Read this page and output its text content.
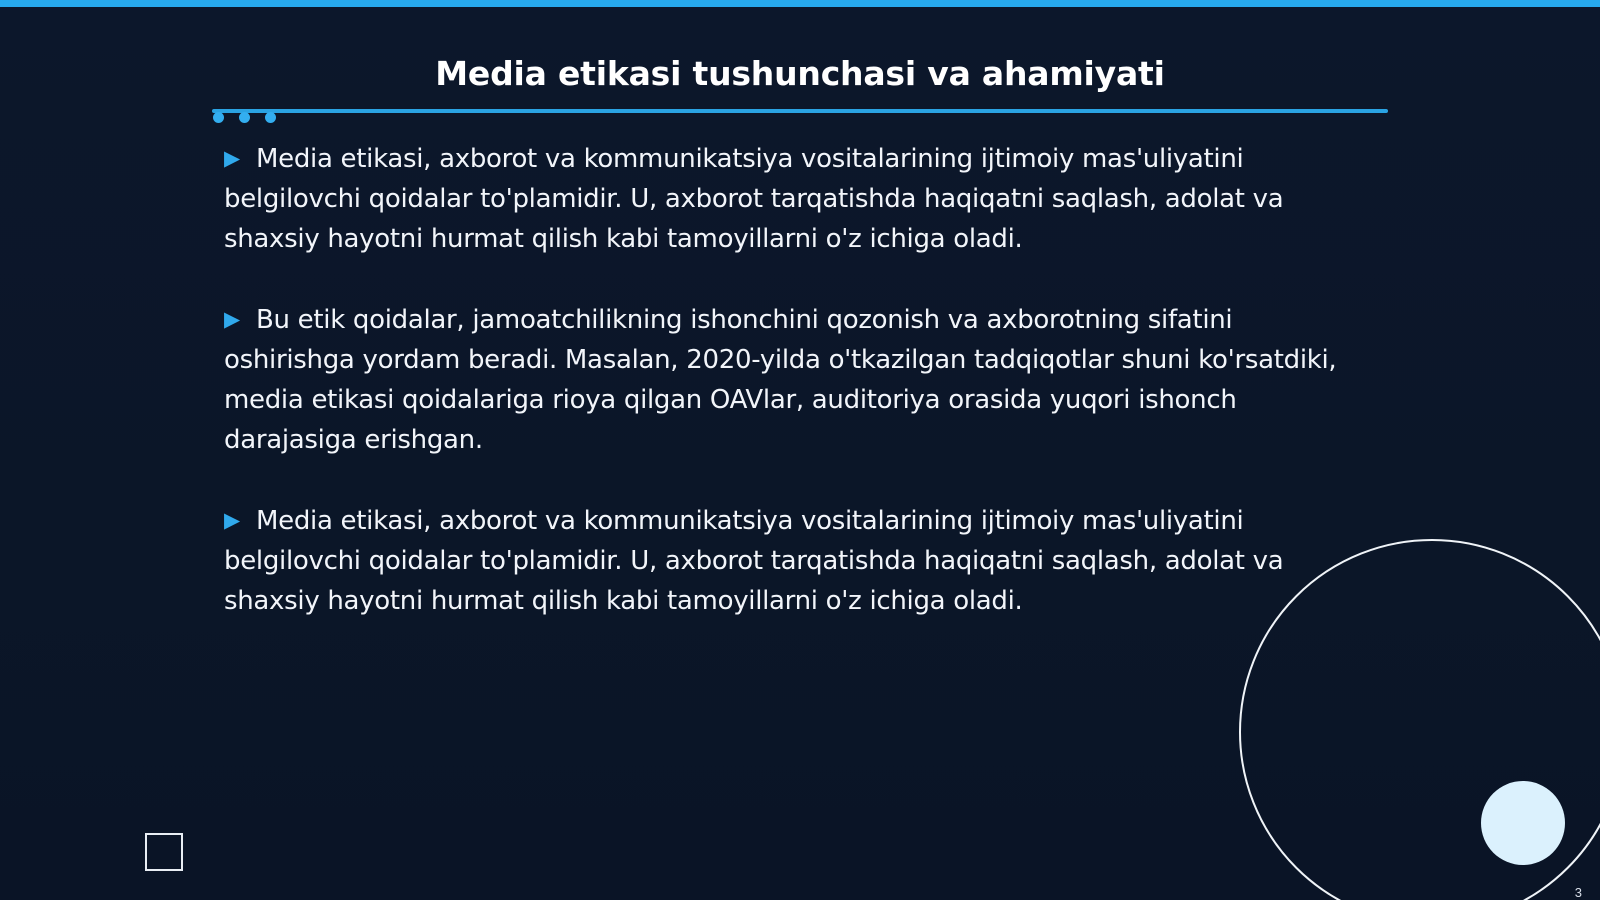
Media etikasi tushunchasi va ahamiyati

▶ Media etikasi, axborot va kommunikatsiya vositalarining ijtimoiy mas'uliyatini belgilovchi qoidalar to'plamidir. U, axborot tarqatishda haqiqatni saqlash, adolat va shaxsiy hayotni hurmat qilish kabi tamoyillarni o'z ichiga oladi.

▶ Bu etik qoidalar, jamoatchilikning ishonchini qozonish va axborotning sifatini oshirishga yordam beradi. Masalan, 2020-yilda o'tkazilgan tadqiqotlar shuni ko'rsatdiki, media etikasi qoidalariga rioya qilgan OAVlar, auditoriya orasida yuqori ishonch darajasiga erishgan.

▶ Media etikasi, axborot va kommunikatsiya vositalarining ijtimoiy mas'uliyatini belgilovchi qoidalar to'plamidir. U, axborot tarqatishda haqiqatni saqlash, adolat va shaxsiy hayotni hurmat qilish kabi tamoyillarni o'z ichiga oladi.

3
